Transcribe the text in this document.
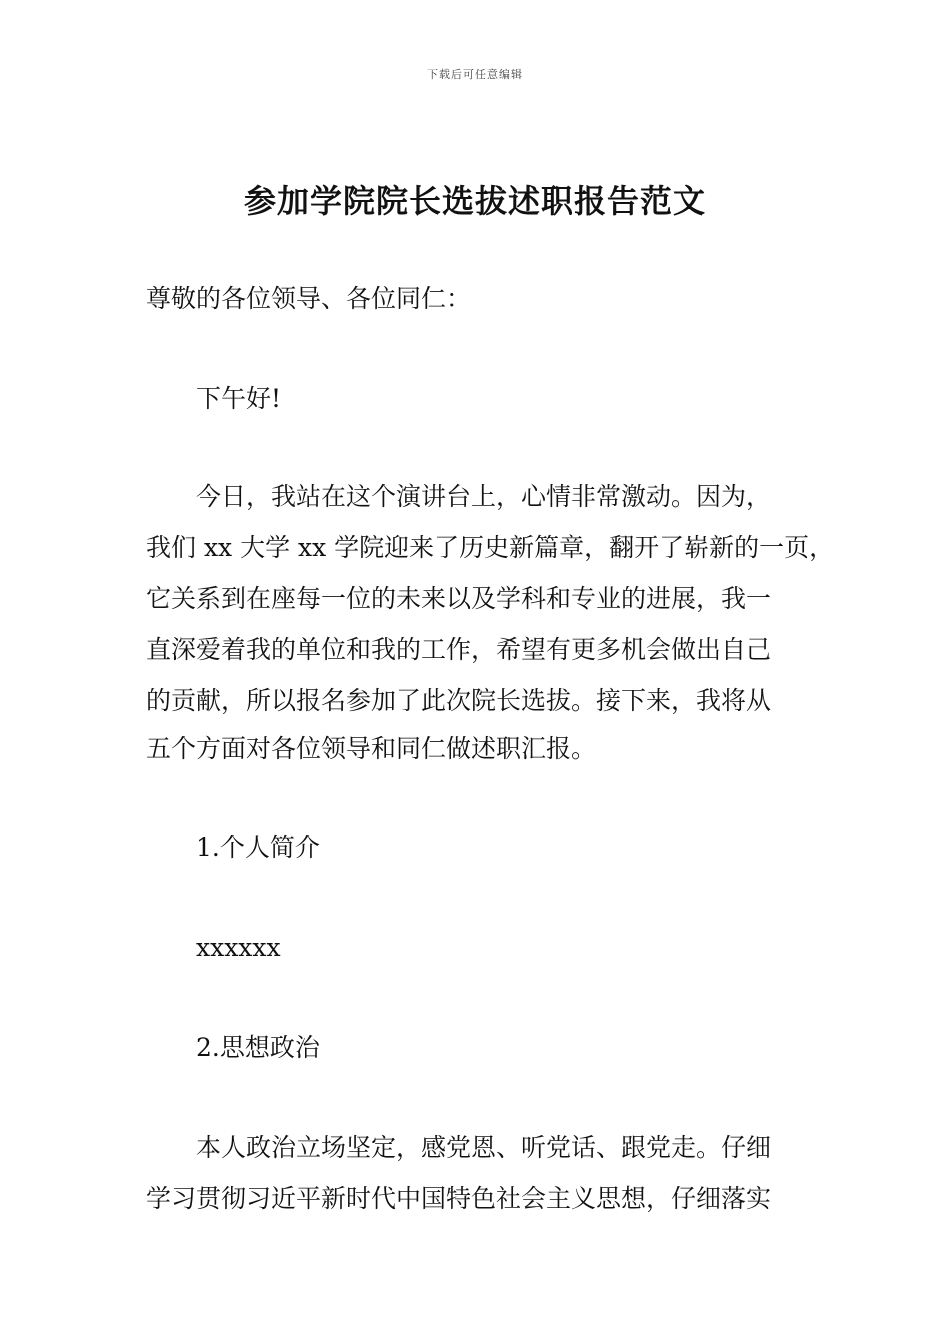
下载后可任意编辑
参加学院院长选拔述职报告范文
尊敬的各位领导、各位同仁：
下午好!
今日，我站在这个演讲台上，心情非常激动。因为，
我们 xx 大学 xx 学院迎来了历史新篇章，翻开了崭新的一页，
它关系到在座每一位的未来以及学科和专业的进展，我一
直深爱着我的单位和我的工作，希望有更多机会做出自己
的贡献，所以报名参加了此次院长选拔。接下来，我将从
五个方面对各位领导和同仁做述职汇报。
1.个人简介
xxxxxx
2.思想政治
本人政治立场坚定，感党恩、听党话、跟党走。仔细
学习贯彻习近平新时代中国特色社会主义思想，仔细落实
